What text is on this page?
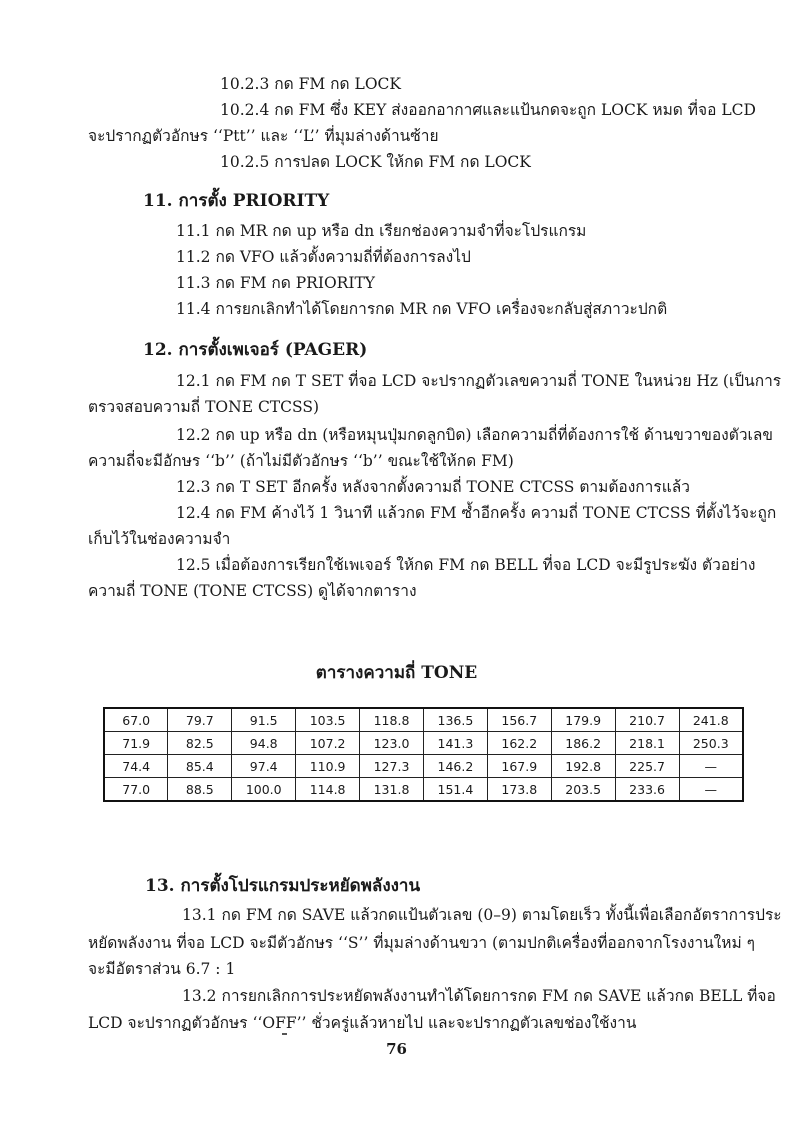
10.2.3 กด FM กด LOCK
10.2.4 กด FM ซึ่ง KEY ส่งออกอากาศและแป้นกดจะถูก LOCK หมด ที่จอ LCD
จะปรากฏตัวอักษร ‘‘Ptt’’ และ ‘‘L’’ ที่มุมล่างด้านซ้าย
10.2.5 การปลด LOCK ให้กด FM กด LOCK
11. การตั้ง PRIORITY
11.1 กด MR กด up หรือ dn เรียกช่องความจำที่จะโปรแกรม
11.2 กด VFO แล้วตั้งความถี่ที่ต้องการลงไป
11.3 กด FM กด PRIORITY
11.4 การยกเลิกทำได้โดยการกด MR กด VFO เครื่องจะกลับสู่สภาวะปกติ
12. การตั้งเพเจอร์ (PAGER)
12.1 กด FM กด T SET ที่จอ LCD จะปรากฏตัวเลขความถี่ TONE ในหน่วย Hz (เป็นการ
ตรวจสอบความถี่ TONE CTCSS)
12.2 กด up หรือ dn (หรือหมุนปุ่มกดลูกบิด) เลือกความถี่ที่ต้องการใช้ ด้านขวาของตัวเลข
ความถี่จะมีอักษร ‘‘b’’ (ถ้าไม่มีตัวอักษร ‘‘b’’ ขณะใช้ให้กด FM)
12.3 กด T SET อีกครั้ง หลังจากตั้งความถี่ TONE CTCSS ตามต้องการแล้ว
12.4 กด FM ค้างไว้ 1 วินาที แล้วกด FM ซ้ำอีกครั้ง ความถี่ TONE CTCSS ที่ตั้งไว้จะถูก
เก็บไว้ในช่องความจำ
12.5 เมื่อต้องการเรียกใช้เพเจอร์ ให้กด FM กด BELL ที่จอ LCD จะมีรูประฆัง ตัวอย่าง
ความถี่ TONE (TONE CTCSS) ดูได้จากตาราง
ตารางความถี่ TONE
67.0	79.7	91.5	103.5	118.8	136.5	156.7	179.9	210.7	241.8
71.9	82.5	94.8	107.2	123.0	141.3	162.2	186.2	218.1	250.3
74.4	85.4	97.4	110.9	127.3	146.2	167.9	192.8	225.7	—
77.0	88.5	100.0	114.8	131.8	151.4	173.8	203.5	233.6	—
13. การตั้งโปรแกรมประหยัดพลังงาน
13.1 กด FM กด SAVE แล้วกดแป้นตัวเลข (0–9) ตามโดยเร็ว ทั้งนี้เพื่อเลือกอัตราการประ
หยัดพลังงาน ที่จอ LCD จะมีตัวอักษร ‘‘S’’ ที่มุมล่างด้านขวา (ตามปกติเครื่องที่ออกจากโรงงานใหม่ ๆ
จะมีอัตราส่วน 6.7 : 1
13.2 การยกเลิกการประหยัดพลังงานทำได้โดยการกด FM กด SAVE แล้วกด BELL ที่จอ
LCD จะปรากฏตัวอักษร ‘‘OFF’’ ชั่วครู่แล้วหายไป และจะปรากฏตัวเลขช่องใช้งาน
76
